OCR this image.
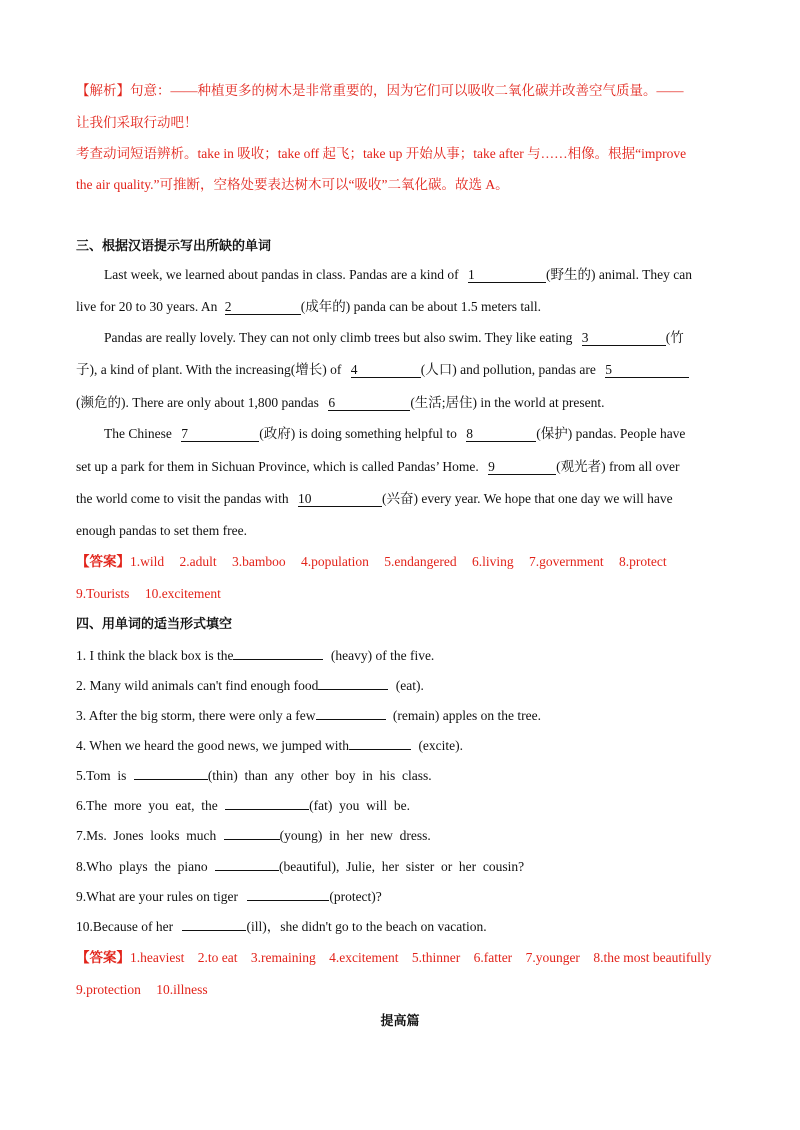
【解析】句意：——种植更多的树木是非常重要的，因为它们可以吸收二氧化碳并改善空气质量。——
让我们采取行动吧！
考查动词短语辨析。take in 吸收；take off 起飞；take up 开始从事；take after 与……相像。根据“improve
the air quality.”可推断，空格处要表达树木可以“吸收”二氧化碳。故选 A。
三、根据汉语提示写出所缺的单词
Last week, we learned about pandas in class. Pandas are a kind of 1	(野生的) animal. They can
live for 20 to 30 years. An 2	(成年的) panda can be about 1.5 meters tall.
Pandas are really lovely. They can not only climb trees but also swim. They like eating 3	(竹
子), a kind of plant. With the increasing(增长) of 4	(人口) and pollution, pandas are 5
(濒危的). There are only about 1,800 pandas 6	(生活;居住) in the world at present.
The Chinese 7	(政府) is doing something helpful to 8	(保护) pandas. People have
set up a park for them in Sichuan Province, which is called Pandas’ Home. 9	(观光者) from all over
the world come to visit the pandas with 10	(兴奋) every year. We hope that one day we will have
enough pandas to set them free.
【答案】1.wild 2.adult 3.bamboo 4.population 5.endangered 6.living 7.government 8.protect
9.Tourists 10.excitement
四、用单词的适当形式填空
1. I think the black box is the	(heavy) of the five.
2. Many wild animals can't find enough food	(eat).
3. After the big storm, there were only a few	(remain) apples on the tree.
4. When we heard the good news, we jumped with	(excite).
5.Tom  is	(thin)  than  any  other  boy  in  his  class.
6.The  more  you  eat,  the	(fat)  you  will  be.
7.Ms.  Jones  looks  much	(young)  in  her  new  dress.
8.Who  plays  the  piano	(beautiful),  Julie,  her  sister  or  her  cousin?
9.What are your rules on tiger	(protect)?
10.Because of her	(ill)，she didn't go to the beach on vacation.
【答案】1.heaviest 2.to eat 3.remaining 4.excitement 5.thinner 6.fatter 7.younger 8.the most beautifully
9.protection 10.illness
提高篇
